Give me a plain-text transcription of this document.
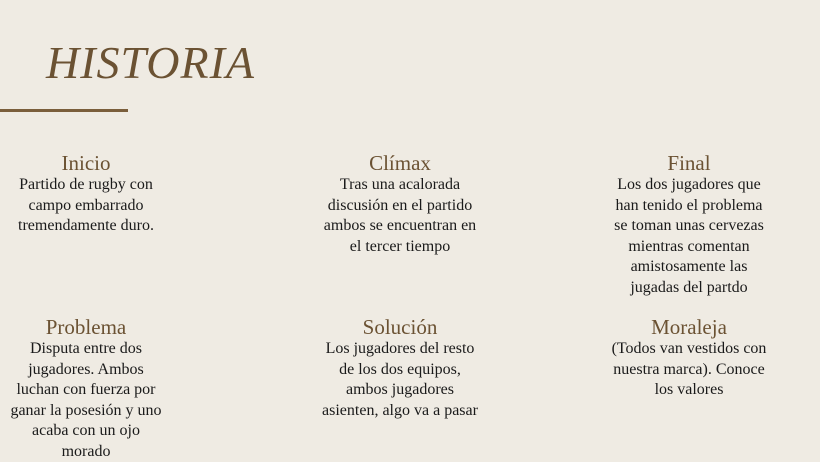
HISTORIA
Inicio
Partido de rugby con
campo embarrado
tremendamente duro.
Clímax
Tras una acalorada
discusión en el partido
ambos se encuentran en
el tercer tiempo
Final
Los dos jugadores que
han tenido el problema
se toman unas cervezas
mientras comentan
amistosamente las
jugadas del partdo
Problema
Disputa entre dos
jugadores. Ambos
luchan con fuerza por
ganar la posesión y uno
acaba con un ojo
morado
Solución
Los jugadores del resto
de los dos equipos,
ambos jugadores
asienten, algo va a pasar
Moraleja
(Todos van vestidos con
nuestra marca). Conoce
los valores
